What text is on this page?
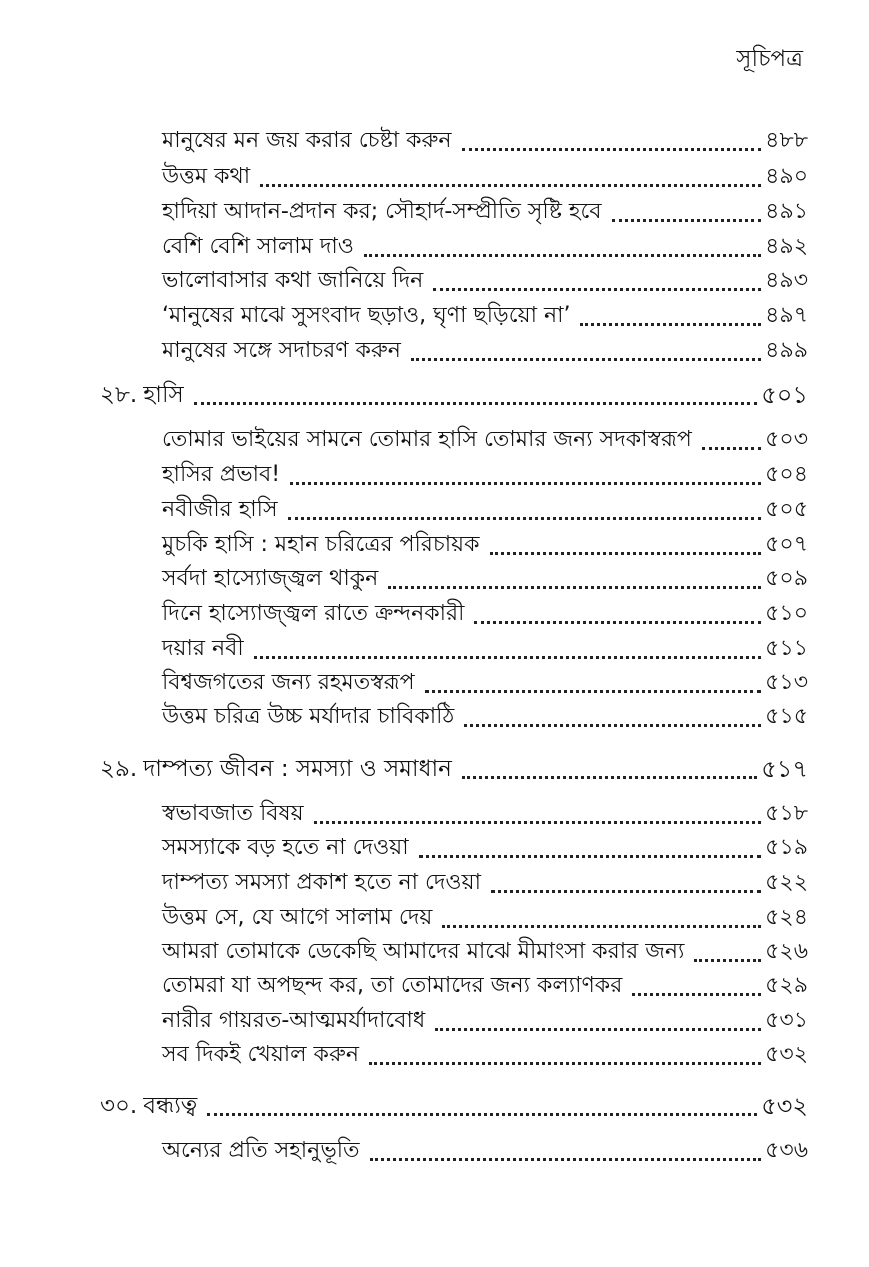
সূচিপত্র
মানুষের মন জয় করার চেষ্টা করুন	৪৮৮
উত্তম কথা	৪৯০
হাদিয়া আদান-প্রদান কর; সৌহার্দ-সম্প্রীতি সৃষ্টি হবে	৪৯১
বেশি বেশি সালাম দাও	৪৯২
ভালোবাসার কথা জানিয়ে দিন	৪৯৩
‘মানুষের মাঝে সুসংবাদ ছড়াও, ঘৃণা ছড়িয়ো না’	৪৯৭
মানুষের সঙ্গে সদাচরণ করুন	৪৯৯
২৮. হাসি	৫০১
তোমার ভাইয়ের সামনে তোমার হাসি তোমার জন্য সদকাস্বরূপ	৫০৩
হাসির প্রভাব!	৫০৪
নবীজীর হাসি	৫০৫
মুচকি হাসি : মহান চরিত্রের পরিচায়ক	৫০৭
সর্বদা হাস্যোজ্জ্বল থাকুন	৫০৯
দিনে হাস্যোজ্জ্বল রাতে ক্রন্দনকারী	৫১০
দয়ার নবী	৫১১
বিশ্বজগতের জন্য রহমতস্বরূপ	৫১৩
উত্তম চরিত্র উচ্চ মর্যাদার চাবিকাঠি	৫১৫
২৯. দাম্পত্য জীবন : সমস্যা ও সমাধান	৫১৭
স্বভাবজাত বিষয়	৫১৮
সমস্যাকে বড় হতে না দেওয়া	৫১৯
দাম্পত্য সমস্যা প্রকাশ হতে না দেওয়া	৫২২
উত্তম সে, যে আগে সালাম দেয়	৫২৪
আমরা তোমাকে ডেকেছি আমাদের মাঝে মীমাংসা করার জন্য	৫২৬
তোমরা যা অপছন্দ কর, তা তোমাদের জন্য কল্যাণকর	৫২৯
নারীর গায়রত-আত্মমর্যাদাবোধ	৫৩১
সব দিকই খেয়াল করুন	৫৩২
৩০. বন্ধ্যত্ব	৫৩২
অন্যের প্রতি সহানুভূতি	৫৩৬
